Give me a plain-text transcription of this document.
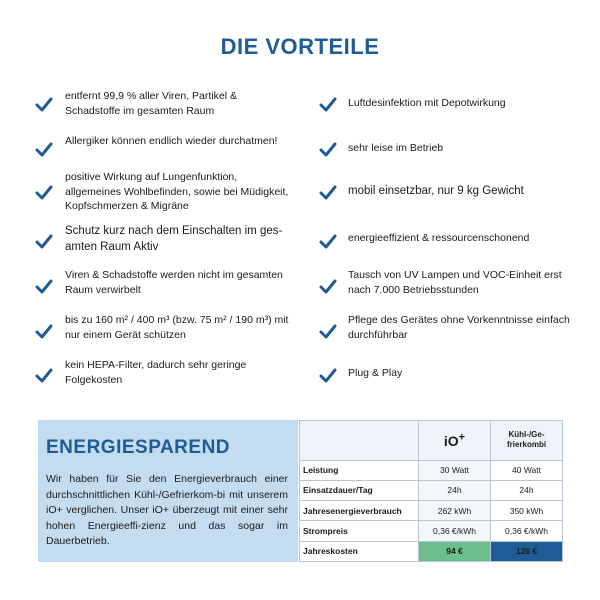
DIE VORTEILE
entfernt 99,9 % aller Viren, Partikel & Schadstoffe im gesamten Raum
Allergiker können endlich wieder durchatmen!
positive Wirkung auf Lungenfunktion, allgemeines Wohlbefinden, sowie bei Müdigkeit, Kopfschmerzen & Migräne
Schutz kurz nach dem Einschalten im ges-amten Raum Aktiv
Viren & Schadstoffe werden nicht im gesamten Raum verwirbelt
bis zu 160 m² / 400 m³ (bzw. 75 m² / 190 m³) mit nur einem Gerät schützen
kein HEPA-Filter, dadurch sehr geringe Folgekosten
Luftdesinfektion mit Depotwirkung
sehr leise im Betrieb
mobil einsetzbar, nur 9 kg Gewicht
energieeffizient & ressourcenschonend
Tausch von UV Lampen und VOC-Einheit erst nach 7.000 Betriebsstunden
Pflege des Gerätes ohne Vorkenntnisse einfach durchführbar
Plug & Play
ENERGIESPAREND
Wir haben für Sie den Energieverbrauch einer durchschnittlichen Kühl-/Gefrierkom-bi mit unserem iO+ verglichen. Unser iO+ überzeugt mit einer sehr hohen Energieeffi-zienz und das sogar im Dauerbetrieb.
	iO+	Kühl-/Ge-frierkombi

Leistung	30 Watt	40 Watt
Einsatzdauer/Tag	24h	24h
Jahresenergieverbrauch	262 kWh	350 kWh
Strompreis	0,36 €/kWh	0,36 €/kWh
Jahreskosten	94 €	126 €
